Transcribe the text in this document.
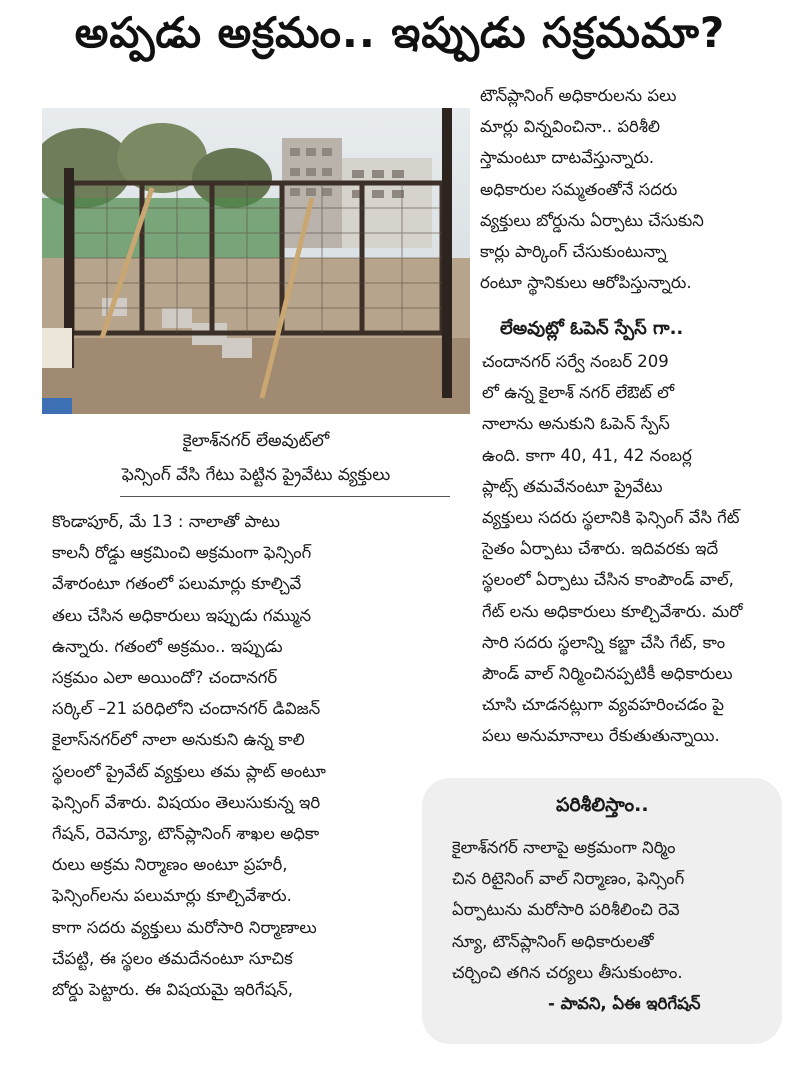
అప్పడు అక్రమం.. ఇప్పుడు సక్రమమా?
కైలాశ్‌నగర్ లేఅవుట్‌లో
ఫెన్సింగ్ వేసి గేటు పెట్టిన ప్రైవేటు వ్యక్తులు
కొండాపూర్, మే 13 : నాలాతో పాటు
కాలనీ రోడ్డు ఆక్రమించి అక్రమంగా ఫెన్సింగ్
వేశారంటూ గతంలో పలుమార్లు కూల్చివే
తలు చేసిన అధికారులు ఇప్పుడు గమ్మున
ఉన్నారు. గతంలో అక్రమం.. ఇప్పుడు
సక్రమం ఎలా అయిందో? చందానగర్
సర్కిల్ –21 పరిధిలోని చందానగర్ డివిజన్
కైలాస్‌నగర్‌లో నాలా అనుకుని ఉన్న కాలి
స్థలంలో ప్రైవేట్ వ్యక్తులు తమ ప్లాట్ అంటూ
ఫెన్సింగ్ వేశారు. విషయం తెలుసుకున్న ఇరి
గేషన్, రెవెన్యూ, టౌన్‌ప్లానింగ్ శాఖల అధికా
రులు అక్రమ నిర్మాణం అంటూ ప్రహరీ,
ఫెన్సింగ్‌లను పలుమార్లు కూల్చివేశారు.
కాగా సదరు వ్యక్తులు మరోసారి నిర్మాణాలు
చేపట్టి, ఈ స్థలం తమదేనంటూ సూచిక
బోర్డు పెట్టారు. ఈ విషయమై ఇరిగేషన్,
టౌన్‌ప్లానింగ్ అధికారులను పలు
మార్లు విన్నవించినా.. పరిశీలి
స్తామంటూ దాటవేస్తున్నారు.
అధికారుల సమ్మతంతోనే సదరు
వ్యక్తులు బోర్డును ఏర్పాటు చేసుకుని
కార్లు పార్కింగ్ చేసుకుంటున్నా
రంటూ స్థానికులు ఆరోపిస్తున్నారు.
లేఅవుట్లో ఓపెన్ స్పేస్ గా..
చందానగర్ సర్వే నంబర్ 209
లో ఉన్న కైలాశ్ నగర్ లేఔట్ లో
నాలాను అనుకుని ఓపెన్ స్పేస్
ఉంది. కాగా 40, 41, 42 నంబర్ల
ప్లాట్స్ తమవేనంటూ ప్రైవేటు
వ్యక్తులు సదరు స్థలానికి ఫెన్సింగ్ వేసి గేట్
సైతం ఏర్పాటు చేశారు. ఇదివరకు ఇదే
స్థలంలో ఏర్పాటు చేసిన కాంపౌండ్ వాల్,
గేట్ లను అధికారులు కూల్చివేశారు. మరో
సారి సదరు స్థలాన్ని కబ్జా చేసి గేట్, కాం
పౌండ్ వాల్ నిర్మించినప్పటికీ అధికారులు
చూసి చూడనట్లుగా వ్యవహరించడం పై
పలు అనుమానాలు రేకుతుతున్నాయి.
పరిశీలిస్తాం..
కైలాశ్‌నగర్ నాలాపై అక్రమంగా నిర్మిం
చిన రిటైనింగ్ వాల్ నిర్మాణం, ఫెన్సింగ్
ఏర్పాటును మరోసారి పరిశీలించి రెవె
న్యూ, టౌన్‌ప్లానింగ్ అధికారులతో
చర్చించి తగిన చర్యలు తీసుకుంటాం.
- పావని, ఏఈ ఇరిగేషన్
